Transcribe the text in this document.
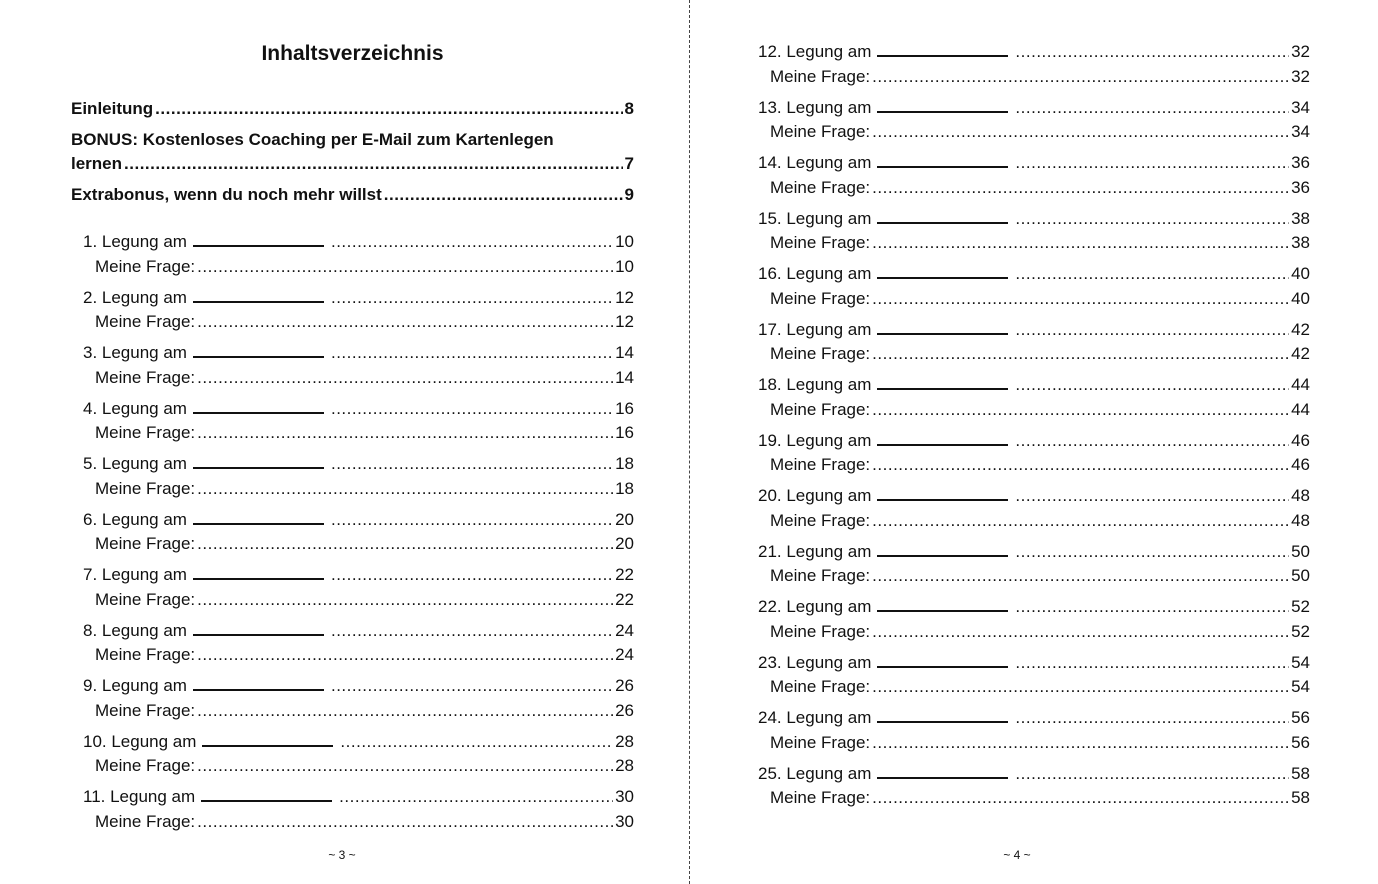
Inhaltsverzeichnis
Einleitung .....	8
BONUS: Kostenloses Coaching per E-Mail zum Kartenlegen
lernen .....	7
Extrabonus, wenn du noch mehr willst .....	9
1. Legung am .....	10
Meine Frage: .....	10
2. Legung am .....	12
Meine Frage: .....	12
3. Legung am .....	14
Meine Frage: .....	14
4. Legung am .....	16
Meine Frage: .....	16
5. Legung am .....	18
Meine Frage: .....	18
6. Legung am .....	20
Meine Frage: .....	20
7. Legung am .....	22
Meine Frage: .....	22
8. Legung am .....	24
Meine Frage: .....	24
9. Legung am .....	26
Meine Frage: .....	26
10. Legung am .....	28
Meine Frage: .....	28
11. Legung am .....	30
Meine Frage: .....	30
~ 3 ~
12. Legung am .....	32
Meine Frage: .....	32
13. Legung am .....	34
Meine Frage: .....	34
14. Legung am .....	36
Meine Frage: .....	36
15. Legung am .....	38
Meine Frage: .....	38
16. Legung am .....	40
Meine Frage: .....	40
17. Legung am .....	42
Meine Frage: .....	42
18. Legung am .....	44
Meine Frage: .....	44
19. Legung am .....	46
Meine Frage: .....	46
20. Legung am .....	48
Meine Frage: .....	48
21. Legung am .....	50
Meine Frage: .....	50
22. Legung am .....	52
Meine Frage: .....	52
23. Legung am .....	54
Meine Frage: .....	54
24. Legung am .....	56
Meine Frage: .....	56
25. Legung am .....	58
Meine Frage: .....	58
~ 4 ~
